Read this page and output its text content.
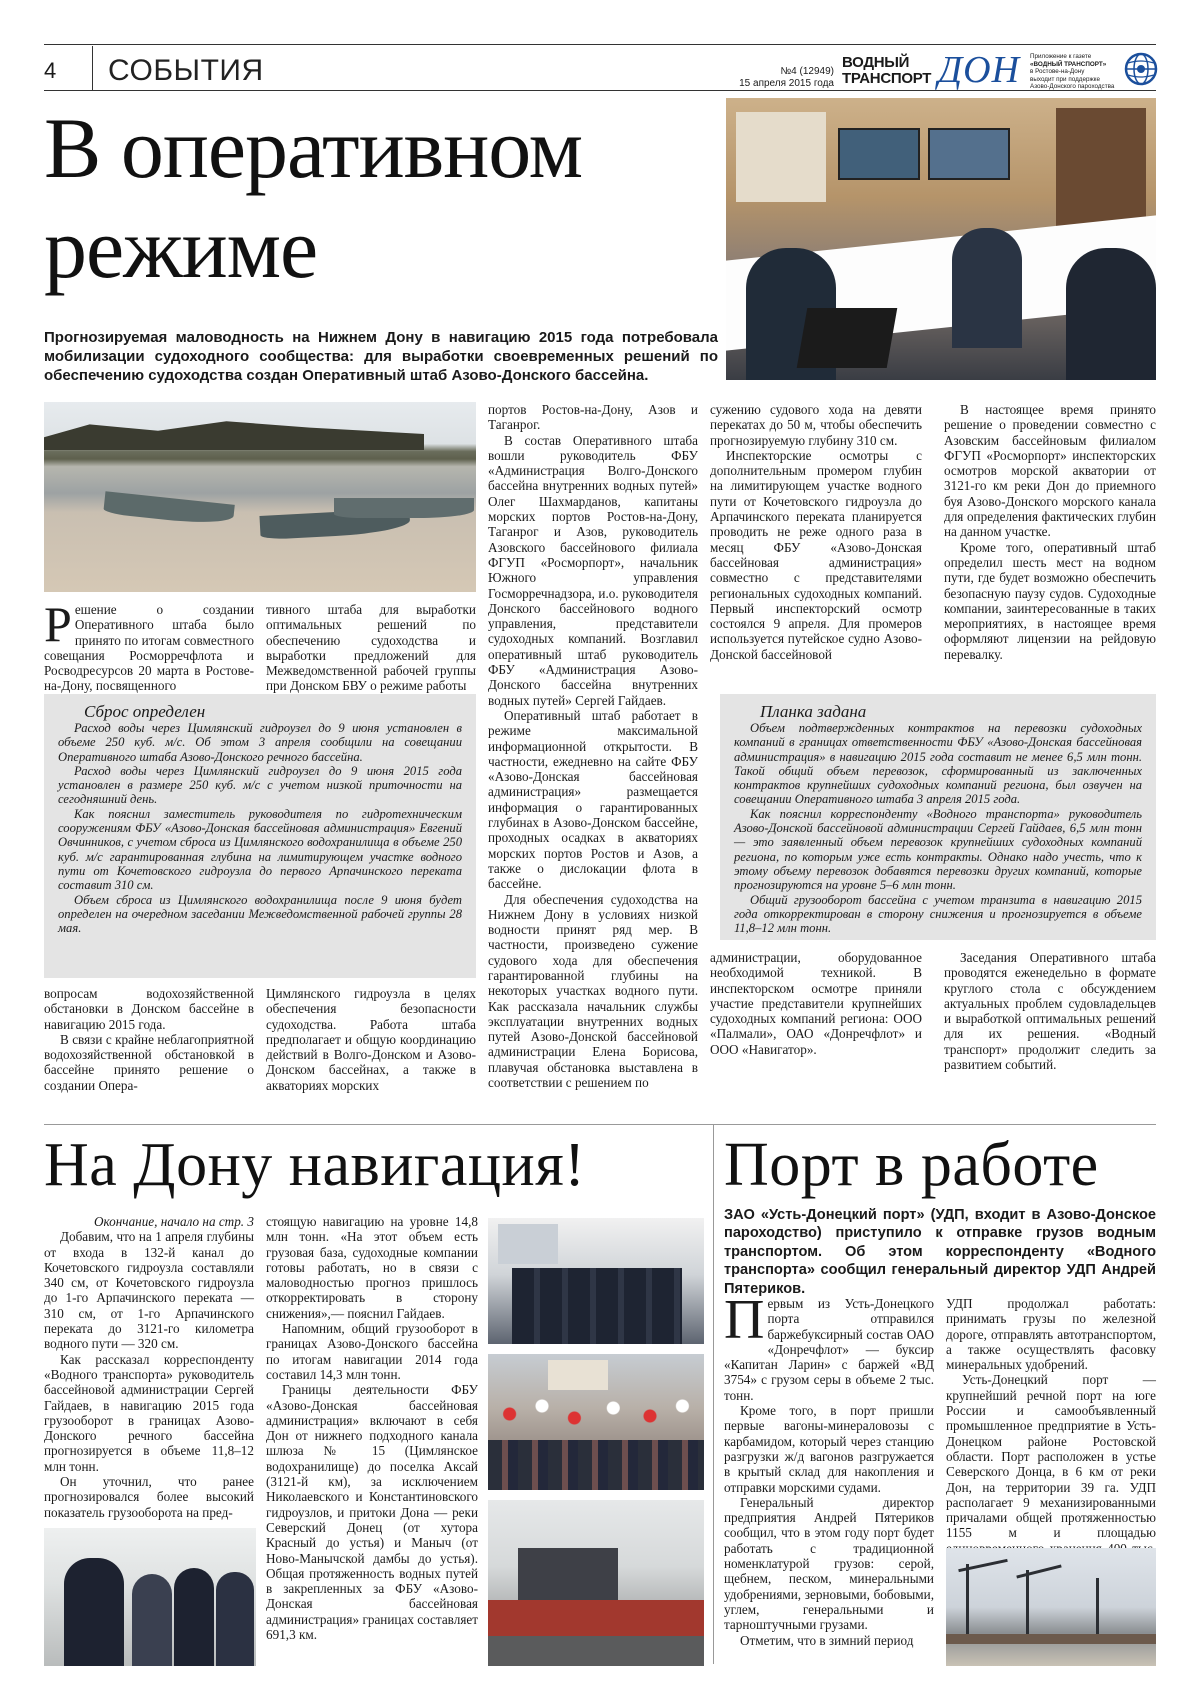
4 СОБЫТИЯ	№4 (12949)
15 апреля 2015 года
ВОДНЫЙ
ТРАНСПОРТ ДОН Приложение к газете
«ВОДНЫЙ ТРАНСПОРТ»
в Ростове-на-Дону
выходит при поддержке
Азово-Донского пароходства
В оперативном
режиме
Прогнозируемая маловодность на Нижнем Дону в навигацию 2015 года потребовала мобилизации судоходного сообщества: для выработки своевременных решений по обеспечению судоходства создан Оперативный штаб Азово-Донского бассейна.

Решение о создании Оперативного штаба было принято по итогам совместного совещания Росморречфлота и Росводресурсов 20 марта в Ростове-на-Дону, посвященного

тивного штаба для выработки оптимальных решений по обеспечению судоходства и выработки предложений для Межведомственной рабочей группы при Донском БВУ о режиме работы

портов Ростов-на-Дону, Азов и Таганрог.

В состав Оперативного штаба вошли руководитель ФБУ «Администрация Волго-Донского бассейна внутренних водных путей» Олег Шахмарданов, капитаны морских портов Ростов-на-Дону, Таганрог и Азов, руководитель Азовского бассейнового филиала ФГУП «Росморпорт», начальник Южного управления Госморречнадзора, и.о. руководителя Донского бассейнового водного управления, представители судоходных компаний. Возглавил оперативный штаб руководитель ФБУ «Администрация Азово-Донского бассейна внутренних водных путей» Сергей Гайдаев.

Оперативный штаб работает в режиме максимальной информационной открытости. В частности, ежедневно на сайте ФБУ «Азово-Донская бассейновая администрация» размещается информация о гарантированных глубинах в Азово-Донском бассейне, проходных осадках в акваториях морских портов Ростов и Азов, а также о дислокации флота в бассейне.

Для обеспечения судоходства на Нижнем Дону в условиях низкой водности принят ряд мер. В частности, произведено сужение судового хода для обеспечения гарантированной глубины на некоторых участках водного пути. Как рассказала начальник службы эксплуатации внутренних водных путей Азово-Донской бассейновой администрации Елена Борисова, плавучая обстановка выставлена в соответствии с решением по

сужению судового хода на девяти перекатах до 50 м, чтобы обеспечить прогнозируемую глубину 310 см.

Инспекторские осмотры с дополнительным промером глубин на лимитирующем участке водного пути от Кочетовского гидроузла до Арпачинского переката планируется проводить не реже одного раза в месяц ФБУ «Азово-Донская бассейновая администрация» совместно с представителями региональных судоходных компаний. Первый инспекторский осмотр состоялся 9 апреля. Для промеров используется путейское судно Азово-Донской бассейновой

В настоящее время принято решение о проведении совместно с Азовским бассейновым филиалом ФГУП «Росморпорт» инспекторских осмотров морской акватории от 3121-го км реки Дон до приемного буя Азово-Донского морского канала для определения фактических глубин на данном участке.

Кроме того, оперативный штаб определил шесть мест на водном пути, где будет возможно обеспечить безопасную паузу судов. Судоходные компании, заинтересованные в таких мероприятиях, в настоящее время оформляют лицензии на рейдовую перевалку.

Сброс определен

Расход воды через Цимлянский гидроузел до 9 июня установлен в объеме 250 куб. м/с. Об этом 3 апреля сообщили на совещании Оперативного штаба Азово-Донского речного бассейна.

Расход воды через Цимлянский гидроузел до 9 июня 2015 года установлен в размере 250 куб. м/с с учетом низкой приточности на сегодняшний день.

Как пояснил заместитель руководителя по гидротехническим сооружениям ФБУ «Азово-Донская бассейновая администрация» Евгений Овчинников, с учетом сброса из Цимлянского водохранилища в объеме 250 куб. м/с гарантированная глубина на лимитирующем участке водного пути от Кочетовского гидроузла до первого Арпачинского переката составит 310 см.

Объем сброса из Цимлянского водохранилища после 9 июня будет определен на очередном заседании Межведомственной рабочей группы 28 мая.

Планка задана

Объем подтвержденных контрактов на перевозки судоходных компаний в границах ответственности ФБУ «Азово-Донская бассейновая администрация» в навигацию 2015 года составит не менее 6,5 млн тонн. Такой общий объем перевозок, сформированный из заключенных контрактов крупнейших судоходных компаний региона, был озвучен на совещании Оперативного штаба 3 апреля 2015 года.

Как пояснил корреспонденту «Водного транспорта» руководитель Азово-Донской бассейновой администрации Сергей Гайдаев, 6,5 млн тонн — это заявленный объем перевозок крупнейших судоходных компаний региона, по которым уже есть контракты. Однако надо учесть, что к этому объему перевозок добавятся перевозки других компаний, которые прогнозируются на уровне 5–6 млн тонн.

Общий грузооборот бассейна с учетом транзита в навигацию 2015 года откорректирован в сторону снижения и прогнозируется в объеме 11,8–12 млн тонн.

вопросам водохозяйственной обстановки в Донском бассейне в навигацию 2015 года.

В связи с крайне неблагоприятной водохозяйственной обстановкой в бассейне принято решение о создании Опера-

Цимлянского гидроузла в целях обеспечения безопасности судоходства. Работа штаба предполагает и общую координацию действий в Волго-Донском и Азово-Донском бассейнах, а также в акваториях морских

администрации, оборудованное необходимой техникой. В инспекторском осмотре приняли участие представители крупнейших судоходных компаний региона: ООО «Палмали», ОАО «Донречфлот» и ООО «Навигатор».

Заседания Оперативного штаба проводятся еженедельно в формате круглого стола с обсуждением актуальных проблем судовладельцев и выработкой оптимальных решений для их решения. «Водный транспорт» продолжит следить за развитием событий.

На Дону навигация!

Окончание, начало на стр. 3

Добавим, что на 1 апреля глубины от входа в 132-й канал до Кочетовского гидроузла составляли 340 см, от Кочетовского гидроузла до 1-го Арпачинского переката — 310 см, от 1-го Арпачинского переката до 3121-го километра водного пути — 320 см.

Как рассказал корреспонденту «Водного транспорта» руководитель бассейновой администрации Сергей Гайдаев, в навигацию 2015 года грузооборот в границах Азово-Донского речного бассейна прогнозируется в объеме 11,8–12 млн тонн.

Он уточнил, что ранее прогнозировался более высокий показатель грузооборота на пред-

стоящую навигацию на уровне 14,8 млн тонн. «На этот объем есть грузовая база, судоходные компании готовы работать, но в связи с маловодностью прогноз пришлось откорректировать в сторону снижения»,— пояснил Гайдаев.

Напомним, общий грузооборот в границах Азово-Донского бассейна по итогам навигации 2014 года составил 14,3 млн тонн.

Границы деятельности ФБУ «Азово-Донская бассейновая администрация» включают в себя Дон от нижнего подходного канала шлюза № 15 (Цимлянское водохранилище) до поселка Аксай (3121-й км), за исключением Николаевского и Константиновского гидроузлов, и притоки Дона — реки Северский Донец (от хутора Красный до устья) и Маныч (от Ново-Манычской дамбы до устья). Общая протяженность водных путей в закрепленных за ФБУ «Азово-Донская бассейновая администрация» границах составляет 691,3 км.

Порт в работе
ЗАО «Усть-Донецкий порт» (УДП, входит в Азово-Донское пароходство) приступило к отправке грузов водным транспортом. Об этом корреспонденту «Водного транспорта» сообщил генеральный директор УДП Андрей Пятериков.

Первым из Усть-Донецкого порта отправился баржебуксирный состав ОАО «Донречфлот» — буксир «Капитан Ларин» с баржей «ВД 3754» с грузом серы в объеме 2 тыс. тонн.

Кроме того, в порт пришли первые вагоны-минераловозы с карбамидом, который через станцию разгрузки ж/д вагонов разгружается в крытый склад для накопления и отправки морскими судами.

Генеральный директор предприятия Андрей Пятериков сообщил, что в этом году порт будет работать с традиционной номенклатурой грузов: серой, щебнем, песком, минеральными удобрениями, зерновыми, бобовыми, углем, генеральными и тарноштучными грузами.

Отметим, что в зимний период

УДП продолжал работать: принимать грузы по железной дороге, отправлять автотранспортом, а также осуществлять фасовку минеральных удобрений.

Усть-Донецкий порт — крупнейший речной порт на юге России и самообъявленный промышленное предприятие в Усть-Донецком районе Ростовской области. Порт расположен в устье Северского Донца, в 6 км от реки Дон, на территории 39 га. УДП располагает 9 механизированными причалами общей протяженностью 1155 м и площадью
